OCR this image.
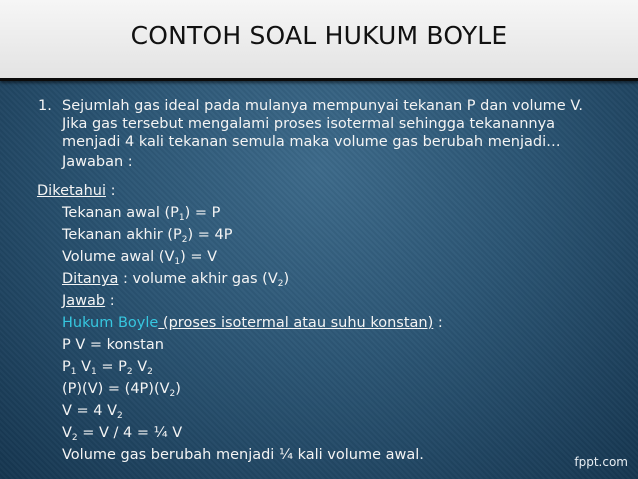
CONTOH SOAL HUKUM BOYLE
1. Sejumlah gas ideal pada mulanya mempunyai tekanan P dan volume V.
Jika gas tersebut mengalami proses isotermal sehingga tekanannya
menjadi 4 kali tekanan semula maka volume gas berubah menjadi…
Jawaban :
Diketahui :
Tekanan awal $(P_1) = P$
Tekanan akhir $(P_2) = 4P$
Volume awal $(V_1) = V$
Ditanya : volume akhir gas $(V_2)$
Jawab :
Hukum Boyle (proses isotermal atau suhu konstan) :
P V = konstan
$P_1$ $V_1 = P_2$ $V_2$
$(P)(V) = (4P)(V_2)$
V = 4 $V_2$
$V_2 = V / 4$ = ¼ V
Volume gas berubah menjadi ¼ kali volume awal.	fppt.com
